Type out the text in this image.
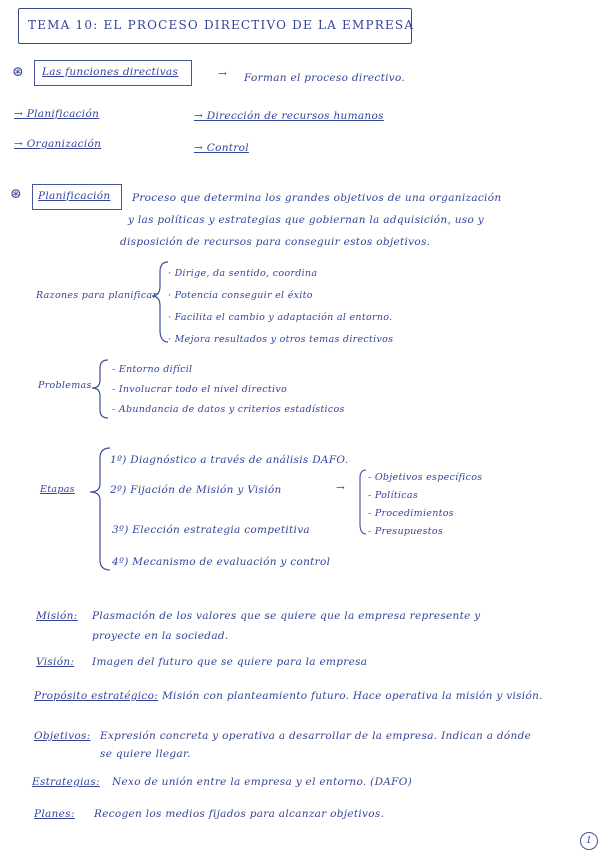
TEMA 10: EL PROCESO DIRECTIVO DE LA EMPRESA
⊛ Las funciones directivas	→ Forman el proceso directivo.
→ Planificación
→ Organización
→ Dirección de recursos humanos
→ Control
⊛ Planificación Proceso que determina los grandes objetivos de una organización
y las políticas y estrategias que gobiernan la adquisición, uso y
disposición de recursos para conseguir estos objetivos.
Razones para planificar
· Dirige, da sentido, coordina
· Potencia conseguir el éxito
· Facilita el cambio y adaptación al entorno.
· Mejora resultados y otros temas directivos
Problemas
- Entorno difícil
- Involucrar todo el nivel directivo
- Abundancia de datos y criterios estadísticos
Etapas
1º) Diagnóstico a través de análisis DAFO.
2º) Fijación de Misión y Visión
3º) Elección estrategia competitiva
4º) Mecanismo de evaluación y control
→
- Objetivos específicos
- Políticas
- Procedimientos
- Presupuestos
Misión: Plasmación de los valores que se quiere que la empresa represente y
proyecte en la sociedad.
Visión: Imagen del futuro que se quiere para la empresa
Propósito estratégico: Misión con planteamiento futuro. Hace operativa la misión y visión.
Objetivos: Expresión concreta y operativa a desarrollar de la empresa. Indican a dónde
se quiere llegar.
Estrategias: Nexo de unión entre la empresa y el entorno. (DAFO)
Planes: Recogen los medios fijados para alcanzar objetivos.
1
